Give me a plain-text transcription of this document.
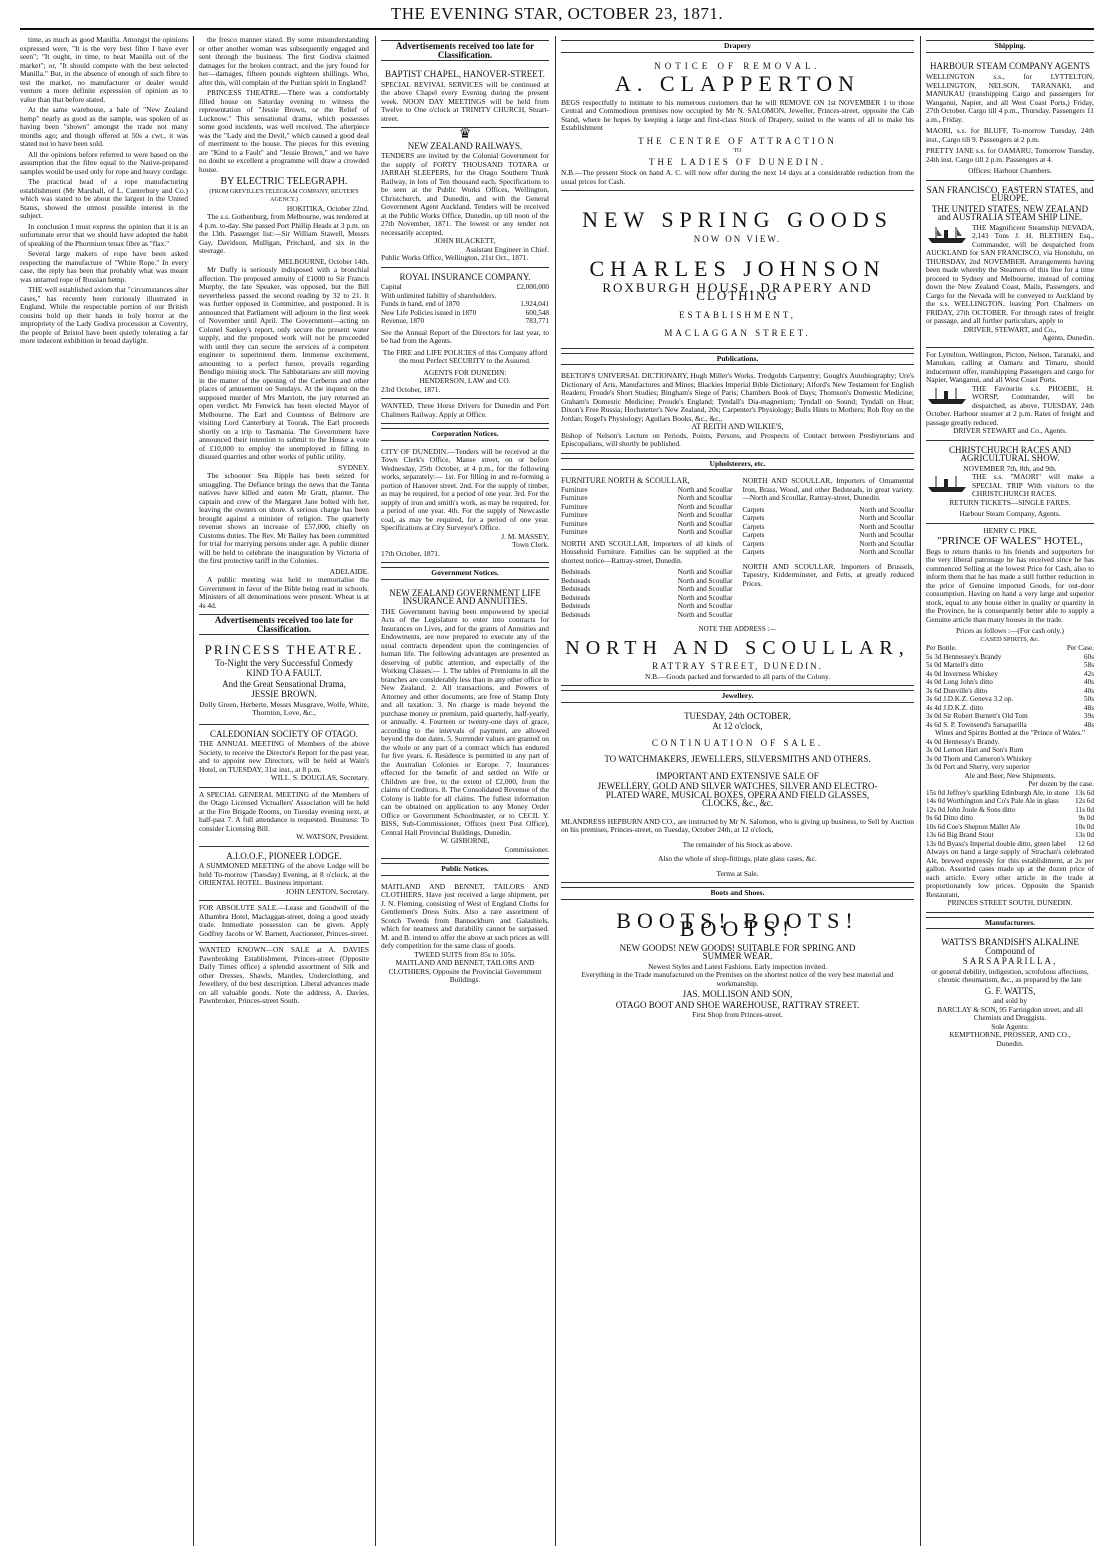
THE EVENING STAR, OCTOBER 23, 1871.

time, as much as good Manilla. Amongst the opinions expressed were, "It is the very best fibre I have ever seen"; "It ought, in time, to beat Manilla out of the market"; or, "It should compete with the best selected Manilla." But, in the absence of enough of such fibre to test the market, no manufacturer or dealer would venture a more definite expression of opinion as to value than that before stated.

At the same warehouse, a bale of "New Zealand hemp" nearly as good as the sample, was spoken of as having been "shown" amongst the trade not many months ago; and though offered at 50s a cwt., it was stated not to have been sold.

All the opinions before referred to were based on the assumption that the fibre equal to the Native-prepared samples would be used only for rope and heavy cordage.

The practical head of a rope manufacturing establishment (Mr Marshall, of L. Canterbury and Co.) which was stated to be about the largest in the United States, showed the utmost possible interest in the subject.

In conclusion I must express the opinion that it is an unfortunate error that we should have adopted the habit of speaking of the Phormium tenax fibre as "flax."

Several large makers of rope have been asked respecting the manufacture of "White Rope." In every case, the reply has been that probably what was meant was untarred rope of Russian hemp.

THE well established axiom that "circumstances alter cases," has recently been curiously illustrated in England. While the respectable portion of our British cousins hold up their hands in holy horror at the impropriety of the Lady Godiva procession at Coventry, the people of Bristol have been quietly tolerating a far more indecent exhibition in broad daylight.

the fresco manner stated. By some misunderstanding or other another woman was subsequently engaged and sent through the business. The first Godiva claimed damages for the broken contract, and the jury found for her—damages, fifteen pounds eighteen shillings. Who, after this, will complain of the Puritan spirit in England?

PRINCESS THEATRE.—There was a comfortably filled house on Saturday evening to witness the representation of "Jessie Brown, or the Relief of Lucknow." This sensational drama, which possesses some good incidents, was well received. The afterpiece was the "Lady and the Devil," which caused a good deal of merriment to the house. The pieces for this evening are "Kind to a Fault" and "Jessie Brown," and we have no doubt so excellent a programme will draw a crowded house.

BY ELECTRIC TELEGRAPH.
(FROM GREVILLE'S TELEGRAM COMPANY, REUTER'S AGENCY.)
HOKITIKA, October 22nd.

The s.s. Gothenburg, from Melbourne, was tendered at 4 p.m. to-day. She passed Port Phillip Heads at 3 p.m. on the 13th. Passenger list:—Sir William Stawell, Messrs Gay, Davidson, Mulligan, Pritchard, and six in the steerage.

MELBOURNE, October 14th.

Mr Duffy is seriously indisposed with a bronchial affection. The proposed annuity of £1000 to Sir Francis Murphy, the late Speaker, was opposed, but the Bill nevertheless passed the second reading by 32 to 21. It was further opposed in Committee, and postponed. It is announced that Parliament will adjourn in the first week of November until April. The Government—acting on Colonel Sankey's report, only secure the present water supply, and the proposed work will not be proceeded with until they can secure the services of a competent engineer to superintend them. Immense excitement, amounting to a perfect furore, prevails regarding Bendigo mining stock. The Sabbatarians are still moving in the matter of the opening of the Cerberus and other places of amusement on Sundays. At the inquest on the supposed murder of Mrs Marriott, the jury returned an open verdict. Mr Fenwick has been elected Mayor of Melbourne. The Earl and Countess of Belmore are visiting Lord Canterbury at Toorak. The Earl proceeds shortly on a trip to Tasmania. The Government have announced their intention to submit to the House a vote of £10,000 to employ the unemployed in filling in disused quarries and other works of public utility.

SYDNEY.

The schooner Sea Ripple has been seized for smuggling. The Defiance brings the news that the Tanna natives have killed and eaten Mr Gratt, planter. The captain and crew of the Margaret Jane bolted with her, leaving the owners on shore. A serious charge has been brought against a minister of religion. The quarterly revenue shows an increase of £57,000, chiefly on Customs duties. The Rev. Mr Bailey has been committed for trial for marrying persons under age. A public dinner will be held to celebrate the inauguration by Victoria of the first protective tariff in the Colonies.

ADELAIDE.

A public meeting was held to memorialise the Government in favor of the Bible being read in schools. Ministers of all denominations were present. Wheat is at 4s 4d.

Advertisements received too late for Classification.
PRINCESS THEATRE.
To-Night the very Successful Comedy
KIND TO A FAULT.
And the Great Sensational Drama,
JESSIE BROWN.
Dolly Green, Herberte, Messrs Musgrave, Wolfe, White, Thornton, Love, &c.,
CALEDONIAN SOCIETY OF OTAGO.
THE ANNUAL MEETING of Members of the above Society, to receive the Director's Report for the past year, and to appoint new Directors, will be held at Wain's Hotel, on TUESDAY, 31st inst., at 8 p.m.
WILL. S. DOUGLAS, Secretary.
A SPECIAL GENERAL MEETING of the Members of the Otago Licensed Victuallers' Association will be held at the Fire Brigade Rooms, on Tuesday evening next, at half-past 7. A full attendance is requested. Business: To consider Licensing Bill.
W. WATSON, President.
A.I.O.O.F., PIONEER LODGE.
A SUMMONED MEETING of the above Lodge will be held To-morrow (Tuesday) Evening, at 8 o'clock, at the ORIENTAL HOTEL. Business important.
JOHN LENTON, Secretary.
FOR ABSOLUTE SALE.—Lease and Goodwill of the Alhambra Hotel, Maclaggan-street, doing a good steady trade. Immediate possession can be given. Apply Godfrey Jacobs or W. Barnett, Auctioneer, Princes-street.
WANTED KNOWN—ON SALE at A. DAVIES Pawnbroking Establishment, Princes-street (Opposite Daily Times office) a splendid assortment of Silk and other Dresses, Shawls, Mantles, Underclothing, and Jewellery, of the best description. Liberal advances made on all valuable goods. Note the address, A. Davies, Pawnbroker, Princes-street South.
Advertisements received too late for Classification.
BAPTIST CHAPEL, HANOVER-STREET.
SPECIAL REVIVAL SERVICES will be continued at the above Chapel every Evening during the present week. NOON DAY MEETINGS will be held from Twelve to One o'clock at TRINITY CHURCH, Stuart-street.
♛
NEW ZEALAND RAILWAYS.
TENDERS are invited by the Colonial Government for the supply of FORTY THOUSAND TOTARA or JARRAH SLEEPERS, for the Otago Southern Trunk Railway, in lots of Ten thousand each. Specifications to be seen at the Public Works Offices, Wellington, Christchurch, and Dunedin, and with the General Government Agent Auckland. Tenders will be received at the Public Works Office, Dunedin, up till noon of the 27th November, 1871. The lowest or any tender not necessarily accepted.
JOHN BLACKETT,
Assistant Engineer in Chief.
Public Works Office, Wellington, 21st Oct., 1871.
ROYAL INSURANCE COMPANY.
Capital	£2,000,000
With unlimited liability of shareholders.
Funds in hand, end of 1870	1,924,041
New Life Policies issued in 1870	600,548
Revenue, 1870	783,771
See the Annual Report of the Directors for last year, to be had from the Agents.
The FIRE and LIFE POLICIES of this Company afford the most Perfect SECURITY to the Assured.
AGENTS FOR DUNEDIN:
HENDERSON, LAW and CO.
23rd October, 1871.
WANTED, Three Horse Drivers for Dunedin and Port Chalmers Railway. Apply at Office.
Corporation Notices.
CITY OF DUNEDIN.—Tenders will be received at the Town Clerk's Office, Manse street, on or before Wednesday, 25th October, at 4 p.m., for the following works, separately:— 1st. For filling in and re-forming a portion of Hanover street. 2nd. For the supply of timber, as may be required, for a period of one year. 3rd. For the supply of iron and smith's work, as may be required, for a period of one year. 4th. For the supply of Newcastle coal, as may be required, for a period of one year. Specifications at City Surveyor's Office.
J. M. MASSEY,
Town Clerk.
17th October, 1871.
Government Notices.
NEW ZEALAND GOVERNMENT LIFE INSURANCE AND ANNUITIES.
THE Government having been empowered by special Acts of the Legislature to enter into contracts for Insurances on Lives, and for the grants of Annuities and Endowments, are now prepared to execute any of the usual contracts dependent upon the contingencies of human life. The following advantages are presented as deserving of public attention, and especially of the Working Classes:— 1. The tables of Premiums in all the branches are considerably less than in any other office in New Zealand. 2. All transactions, and Powers of Attorney and other documents, are free of Stamp Duty and all taxation. 3. No charge is made beyond the purchase money or premium, paid quarterly, half-yearly, or annually. 4. Fourteen or twenty-one days of grace, according to the intervals of payment, are allowed beyond the due dates. 5. Surrender values are granted on the whole or any part of a contract which has endured for five years. 6. Residence is permitted in any part of the Australian Colonies or Europe. 7. Insurances effected for the benefit of and settled on Wife or Children are free, to the extent of £2,000, from the claims of Creditors. 8. The Consolidated Revenue of the Colony is liable for all claims. The fullest information can be obtained on application to any Money Order Office or Government Schoolmaster, or to CECIL Y. BISS, Sub-Commissioner, Offices (next Post Office), Central Hall Provincial Buildings, Dunedin.
W. GISBORNE,
Commissioner.
Public Notices.
MAITLAND AND BENNET, TAILORS AND CLOTHIERS, Have just received a large shipment, per J. N. Fleming, consisting of West of England Cloths for Gentlemen's Dress Suits. Also a rare assortment of Scotch Tweeds from Bannockburn and Galashiels, which for neatness and durability cannot be surpassed. M. and B. intend to offer the above at such prices as will defy competition for the same class of goods.
TWEED SUITS from 85s to 105s.
MAITLAND AND BENNET, TAILORS AND CLOTHIERS, Opposite the Provincial Government Buildings.
Drapery
NOTICE OF REMOVAL.
A. CLAPPERTON
BEGS respectfully to intimate to his numerous customers that he will REMOVE ON 1st NOVEMBER 1 to those Central and Commodious premises now occupied by Mr N. SALOMON, Jeweller, Princes-street, opposite the Cab Stand, where he hopes by keeping a large and first-class Stock of Drapery, suited to the wants of all to make his Establishment
THE CENTRE OF ATTRACTION
TO
THE LADIES OF DUNEDIN.
N.B.—The present Stock on hand A. C. will now offer during the next 14 days at a considerable reduction from the usual prices for Cash.
NEW SPRING GOODS
NOW ON VIEW.
CHARLES JOHNSON
ROXBURGH HOUSE, DRAPERY AND CLOTHING
ESTABLISHMENT,
MACLAGGAN STREET.
Publications.
BEETON'S UNIVERSAL DICTIONARY, Hugh Miller's Works, Tredgolds Carpentry; Gough's Autobiography; Ure's Dictionary of Arts, Manufactures and Mines; Blackies Imperial Bible Dictionary; Alford's New Testament for English Readers; Froude's Short Studies; Bingham's Siege of Paris; Chambers Book of Days; Thomson's Domestic Medicine; Graham's Domestic Medicine; Proude's England; Tyndall's Dia-magnetism; Tyndall on Sound; Tyndall on Heat; Dixon's Free Russia; Hochstetter's New Zealand, 20s; Carpenter's Physiology; Bulls Hints to Mothers; Rob Roy on the Jordan; Rogel's Physiology; Aguilars Books, &c., &c.,
AT REITH AND WILKIE'S,
Bishop of Nelson's Lecture on Periods, Points, Persons, and Prospects of Contact between Presbyterians and Episcopalians, will shortly be published.
Upholsterers, etc.
FURNITURE NORTH & SCOULLAR,
Furniture	North and Scoullar
Furniture	North and Scoullar
Furniture	North and Scoullar
Furniture	North and Scoullar
Furniture	North and Scoullar
Furniture	North and Scoullar
NORTH AND SCOULLAR, Importers of all kinds of Household Furniture. Families can be supplied at the shortest notice—Rattray-street, Dunedin.
Bedsteads	North and Scoullar
Bedsteads	North and Scoullar
Bedsteads	North and Scoullar
Bedsteads	North and Scoullar
Bedsteads	North and Scoullar
Bedsteads	North and Scoullar
NORTH AND SCOULLAR, Importers of Ornamental Iron, Brass, Wood, and other Bedsteads, in great variety.—North and Scoullar, Rattray-street, Dunedin.
Carpets	North and Scoullar
Carpets	North and Scoullar
Carpets	North and Scoullar
Carpets	North and Scoullar
Carpets	North and Scoullar
Carpets	North and Scoullar
NORTH AND SCOULLAR, Importers of Brussels, Tapestry, Kidderminster, and Felts, at greatly reduced Prices.
NOTE THE ADDRESS :—
NORTH AND SCOULLAR,
RATTRAY STREET, DUNEDIN.
N.B.—Goods packed and forwarded to all parts of the Colony.
Jewellery.
TUESDAY, 24th OCTOBER,
At 12 o'clock,
CONTINUATION OF SALE.
TO WATCHMAKERS, JEWELLERS, SILVERSMITHS AND OTHERS.
IMPORTANT AND EXTENSIVE SALE OF
JEWELLERY, GOLD AND SILVER WATCHES, SILVER AND ELECTRO-PLATED WARE, MUSICAL BOXES, OPERA AND FIELD GLASSES, CLOCKS, &c., &c.
MLANDRESS HEPBURN AND CO., are instructed by Mr N. Salomon, who is giving up business, to Sell by Auction on his premises, Princes-street, on Tuesday, October 24th, at 12 o'clock,
The remainder of his Stock as above.
Also the whole of shop-fittings, plate glass cases, &c.
Terms at Sale.
Boots and Shoes.
BOOTS! BOOTS! BOOTS!
NEW GOODS! NEW GOODS! SUITABLE FOR SPRING AND SUMMER WEAR.
Newest Styles and Latest Fashions. Early inspection invited.
Everything in the Trade manufactured on the Premises on the shortest notice of the very best material and workmanship.
JAS. MOLLISON AND SON,
OTAGO BOOT AND SHOE WAREHOUSE, RATTRAY STREET.
First Shop from Princes-street.
Shipping.
HARBOUR STEAM COMPANY AGENTS
WELLINGTON s.s., for LYTTELTON, WELLINGTON, NELSON, TARANAKI, and MANUKAU (transhipping Cargo and passengers for Wanganui, Napier, and all West Coast Ports,) Friday, 27th October. Cargo till 4 p.m., Thursday. Passengers 11 a.m., Friday.
MAORI, s.s. for BLUFF, To-morrow Tuesday, 24th inst., Cargo till 9. Passengers at 2 p.m.
PRETTY JANE s.s. for OAMARU, Tomorrow Tuesday, 24th inst. Cargo till 2 p.m. Passengers at 4.
Offices: Harbour Chambers.
SAN FRANCISCO, EASTERN STATES, and EUROPE.
THE UNITED STATES, NEW ZEALAND and AUSTRALIA STEAM SHIP LINE.
THE Magnificent Steamship NEVADA, 2,143 Tons J. H. BLETHEN Esq., Commander, will be despatched from AUCKLAND for SAN FRANCISCO, via Honolulu, on THURSDAY, 2nd NOVEMBER. Arrangements having been made whereby the Steamers of this line for a time proceed to Sydney and Melbourne, instead of coming down the New Zealand Coast, Mails, Passengers, and Cargo for the Nevada will be conveyed to Auckland by the s.s. WELLINGTON, leaving Port Chalmers on FRIDAY, 27th OCTOBER. For through rates of freight or passage, and all further particulars, apply to
DRIVER, STEWART, and Co.,
Agents, Dunedin.
For Lyttelton, Wellington, Picton, Nelson, Taranaki, and Manukau, calling at Oamaru and Timaru, should inducement offer, transhipping Passengers and cargo for Napier, Wanganui, and all West Coast Ports.
THE Favourite s.s. PHOEBE, H. WORSP, Commander, will be despatched, as above, TUESDAY, 24th October. Harbour steamer at 2 p.m. Rates of freight and passage greatly reduced.
DRIVER STEWART and Co., Agents.
CHRISTCHURCH RACES AND AGRICULTURAL SHOW.
NOVEMBER 7th, 8th, and 9th.
THE s.s. "MAORI" will make a SPECIAL TRIP With visitors to the CHRISTCHURCH RACES.
RETURN TICKETS—SINGLE FARES.
Harbour Steam Company, Agents.
HENRY C. PIKE,
"PRINCE OF WALES" HOTEL,
Begs to return thanks to his friends and supporters for the very liberal patronage he has received since he has commenced Selling at the lowest Price for Cash, also to inform them that he has made a still further reduction in the price of Genuine imported Goods, for out-door consumption. Having on hand a very large and superior stock, equal to any house either in quality or quantity in the Province, he is consequently better able to supply a Genuine article than many houses in the trade.
Prices as follows :—(For cash only.)
CASED SPIRITS, &c.
Per Bottle.	Per Case.
5s 3d Hennessey's Brandy	60s
5s 0d Martell's ditto	58s
4s 0d Inverness Whiskey	42s
4s 0d Long John's ditto	40s
3s 6d Dunville's ditto	40s
3s 6d J.D.K.Z. Geneva 3.2 op.	50s
4s 4d J.D.K.Z. ditto	48s
3s 0d Sir Robert Burnett's Old Tom	39s
4s 6d S. P. Townsend's Sarsaparilla	48s
Wines and Spirits Bottled at the "Prince of Wales."
4s 0d Hennessy's Brandy.
3s 0d Lemon Hart and Son's Rum
3s 0d Thom and Cameron's Whiskey
3s 0d Port and Sherry, very superior
Ale and Beer, New Shipments.
Per dozen by the case.
15s 0d Jeffrey's sparkling Edinburgh Ale, in stone 13s 6d
14s 0d Worthington and Co's Pale Ale in glass 12s 6d
12s 0d John Joule & Sons ditto	11s 0d
9s 6d Ditto ditto	9s 0d
10s 6d Coe's Shepton Mallet Ale	10s 0d
13s 6d Big Brand Stout	13s 0d
13s 0d Byass's Imperial double ditto, green label 12 6d
Always on hand a large supply of Strachan's celebrated Ale, brewed expressly for this establishment, at 2s per gallon. Assorted cases made up at the dozen price of each article. Every other article in the trade at proportionately low prices. Opposite the Spanish Restaurant,
PRINCES STREET SOUTH, DUNEDIN.
Manufacturers.
WATTS'S BRANDISH'S ALKALINE Compound of
SARSAPARILLA,
or general debility, indigestion, scrofulous affections, chronic rheumatism, &c., as prepared by the late
G. F. WATTS,
and sold by
BARCLAY & SON, 95 Farringdon street, and all Chemists and Druggists.
Sole Agents:
KEMPTHORNE, PROSSER, AND CO.,
Dunedin.
